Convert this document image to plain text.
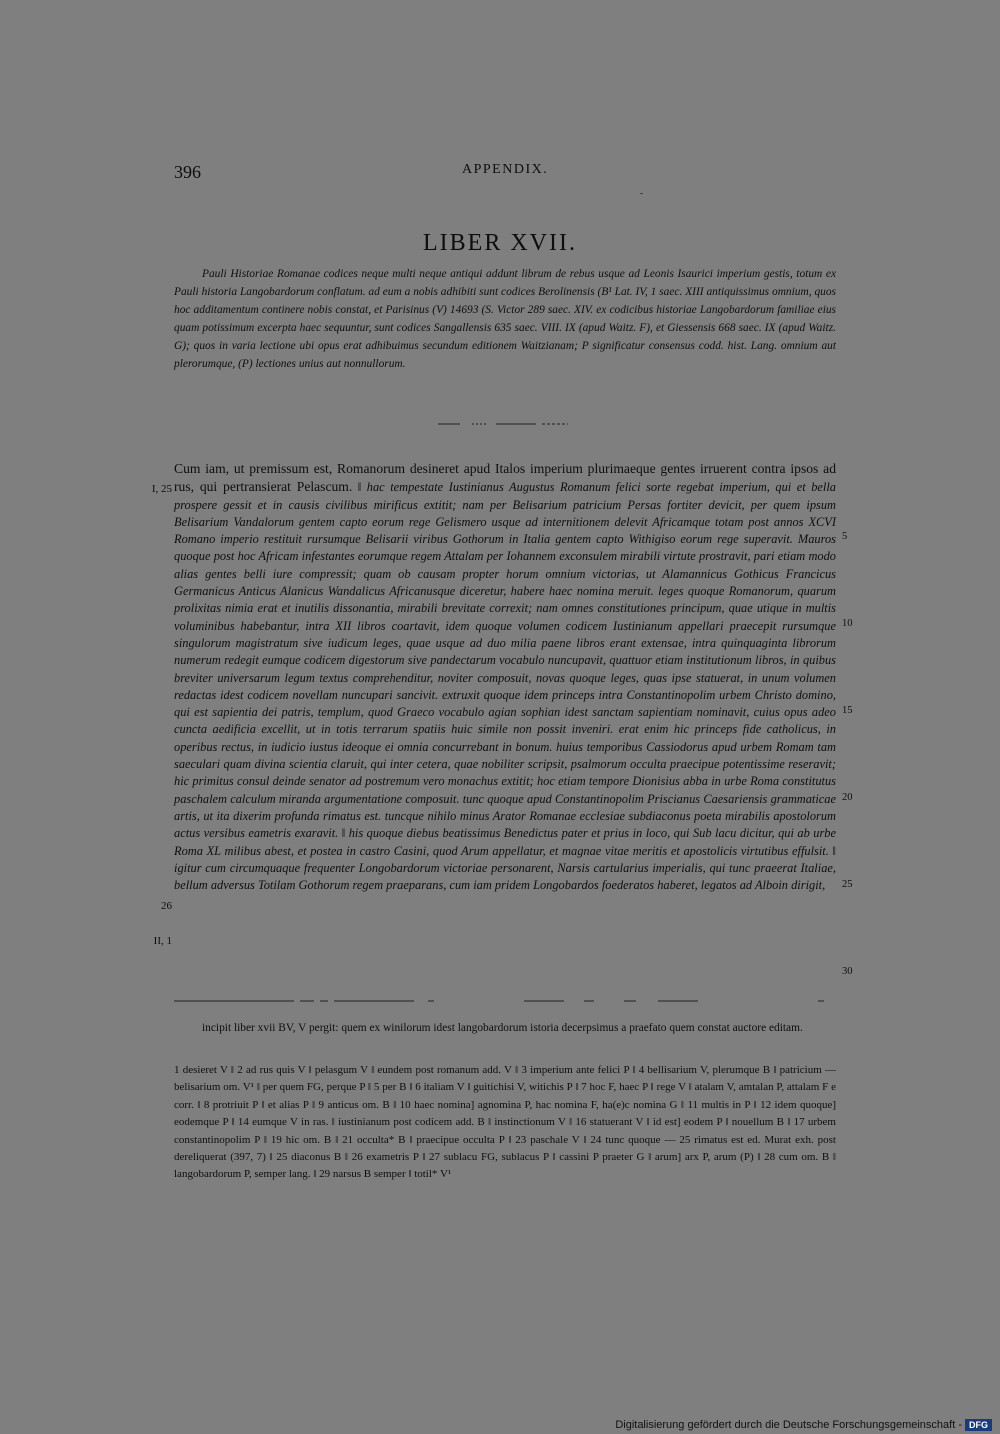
396	APPENDIX.
LIBER XVII.
Pauli Historiae Romanae codices neque multi neque antiqui addunt librum de rebus usque ad Leonis Isaurici imperium gestis, totum ex Pauli historia Langobardorum conflatum. ad eum a nobis adhibiti sunt codices Berolinensis (B¹ Lat. IV, 1 saec. XIII antiquissimus omnium, quos hoc additamentum continere nobis constat, et Parisinus (V) 14693 (S. Victor 289 saec. XIV. ex codicibus historiae Langobardorum familiae eius quam potissimum excerpta haec sequuntur, sunt codices Sangallensis 635 saec. VIII. IX (apud Waitz. F), et Giessensis 668 saec. IX (apud Waitz. G); quos in varia lectione ubi opus erat adhibuimus secundum editionem Waitzianam; P significatur consensus codd. hist. Lang. omnium aut plerorumque, (P) lectiones unius aut nonnullorum.
Cum iam, ut premissum est, Romanorum desineret apud Italos imperium plurimaeque gentes irruerent contra ipsos ad rus, qui pertransierat Pelascum. ‖ hac tempestate Iustinianus Augustus Romanum felici sorte regebat imperium, qui et bella prospere gessit et in causis civilibus mirificus extitit; nam per Belisarium patricium Persas fortiter devicit, per quem ipsum Belisarium Vandalorum gentem capto eorum rege Gelismero usque ad internitionem delevit Africamque totam post annos XCVI Romano imperio restituit rursumque Belisarii viribus Gothorum in Italia gentem capto Withigiso eorum rege superavit. Mauros quoque post hoc Africam infestantes eorumque regem Attalam per Iohannem exconsulem mirabili virtute prostravit, pari etiam modo alias gentes belli iure compressit; quam ob causam propter horum omnium victorias, ut Alamannicus Gothicus Francicus Germanicus Anticus Alanicus Wandalicus Africanusque diceretur, habere haec nomina meruit. leges quoque Romanorum, quarum prolixitas nimia erat et inutilis dissonantia, mirabili brevitate correxit; nam omnes constitutiones principum, quae utique in multis voluminibus habebantur, intra XII libros coartavit, idem quoque volumen codicem Iustinianum appellari praecepit rursumque singulorum magistratum sive iudicum leges, quae usque ad duo milia paene libros erant extensae, intra quinquaginta librorum numerum redegit eumque codicem digestorum sive pandectarum vocabulo nuncupavit, quattuor etiam institutionum libros, in quibus breviter universarum legum textus comprehenditur, noviter composuit, novas quoque leges, quas ipse statuerat, in unum volumen redactas idest codicem novellam nuncupari sancivit. extruxit quoque idem princeps intra Constantinopolim urbem Christo domino, qui est sapientia dei patris, templum, quod Graeco vocabulo agian sophian idest sanctam sapientiam nominavit, cuius opus adeo cuncta aedificia excellit, ut in totis terrarum spatiis huic simile non possit inveniri. erat enim hic princeps fide catholicus, in operibus rectus, in iudicio iustus ideoque ei omnia concurrebant in bonum. huius temporibus Cassiodorus apud urbem Romam tam saeculari quam divina scientia claruit, qui inter cetera, quae nobiliter scripsit, psalmorum occulta praecipue potentissime reseravit; hic primitus consul deinde senator ad postremum vero monachus extitit; hoc etiam tempore Dionisius abba in urbe Roma constitutus paschalem calculum miranda argumentatione composuit. tunc quoque apud Constantinopolim Priscianus Caesariensis grammaticae artis, ut ita dixerim profunda rimatus est. tuncque nihilo minus Arator Romanae ecclesiae subdiaconus poeta mirabilis apostolorum actus versibus eametris exaravit. ‖ his quoque diebus beatissimus Benedictus pater et prius in loco, qui Sub lacu dicitur, qui ab urbe Roma XL milibus abest, et postea in castro Casini, quod Arum appellatur, et magnae vitae meritis et apostolicis virtutibus effulsit. ‖ igitur cum circumquaque frequenter Longobardorum victoriae personarent, Narsis cartularius imperialis, qui tunc praeerat Italiae, bellum adversus Totilam Gothorum regem praeparans, cum iam pridem Longobardos foederatos haberet, legatos ad Alboin dirigit,
I, 25
26
II, 1
5
10
15
20
25
30
incipit liber xvii BV, V pergit: quem ex winilorum idest langobardorum istoria decerpsimus a praefato quem constat auctore editam.
1 desieret V ‖ 2 ad rus quis V ‖ pelasgum V ‖ eundem post romanum add. V ‖ 3 imperium ante felici P ‖ 4 bellisarium V, plerumque B ‖ patricium — belisarium om. V¹ ‖ per quem FG, perque P ‖ 5 per B ‖ 6 italiam V ‖ guitichisi V, witichis P ‖ 7 hoc F, haec P ‖ rege V ‖ atalam V, amtalan P, attalam F e corr. ‖ 8 protriuit P ‖ et alias P ‖ 9 anticus om. B ‖ 10 haec nomina] agnomina P, hac nomina F, ha(e)c nomina G ‖ 11 multis in P ‖ 12 idem quoque] eodemque P ‖ 14 eumque V in ras. ‖ iustinianum post codicem add. B ‖ instinctionum V ‖ 16 statuerant V ‖ id est] eodem P ‖ nouellum B ‖ 17 urbem constantinopolim P ‖ 19 hic om. B ‖ 21 occulta* B ‖ praecipue occulta P ‖ 23 paschale V ‖ 24 tunc quoque — 25 rimatus est ed. Murat exh. post dereliquerat (397, 7) ‖ 25 diaconus B ‖ 26 exametris P ‖ 27 sublacu FG, sublacus P ‖ cassini P praeter G ‖ arum] arx P, arum (P) ‖ 28 cum om. B ‖ langobardorum P, semper lang. ‖ 29 narsus B semper ‖ totil* V¹
Digitalisierung gefördert durch die Deutsche Forschungsgemeinschaft - DFG
